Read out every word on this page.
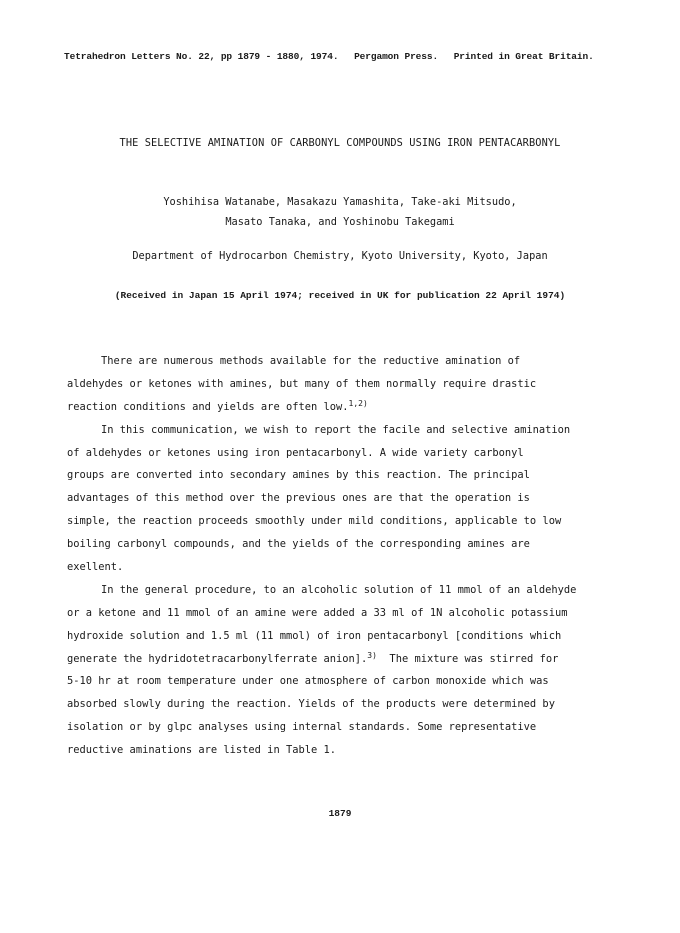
Tetrahedron Letters No. 22, pp 1879 - 1880, 1974. Pergamon Press. Printed in Great Britain.
THE SELECTIVE AMINATION OF CARBONYL COMPOUNDS USING IRON PENTACARBONYL
Yoshihisa Watanabe, Masakazu Yamashita, Take-aki Mitsudo,
Masato Tanaka, and Yoshinobu Takegami
Department of Hydrocarbon Chemistry, Kyoto University, Kyoto, Japan
(Received in Japan 15 April 1974; received in UK for publication 22 April 1974)
There are numerous methods available for the reductive amination of
aldehydes or ketones with amines, but many of them normally require drastic
reaction conditions and yields are often low.$^{1,2)}$
In this communication, we wish to report the facile and selective amination
of aldehydes or ketones using iron pentacarbonyl. A wide variety carbonyl
groups are converted into secondary amines by this reaction. The principal
advantages of this method over the previous ones are that the operation is
simple, the reaction proceeds smoothly under mild conditions, applicable to low
boiling carbonyl compounds, and the yields of the corresponding amines are
exellent.
In the general procedure, to an alcoholic solution of 11 mmol of an aldehyde
or a ketone and 11 mmol of an amine were added a 33 ml of 1N alcoholic potassium
hydroxide solution and 1.5 ml (11 mmol) of iron pentacarbonyl [conditions which
generate the hydridotetracarbonylferrate anion].$^{3)}$  The mixture was stirred for
5-10 hr at room temperature under one atmosphere of carbon monoxide which was
absorbed slowly during the reaction. Yields of the products were determined by
isolation or by glpc analyses using internal standards. Some representative
reductive aminations are listed in Table 1.
1879
